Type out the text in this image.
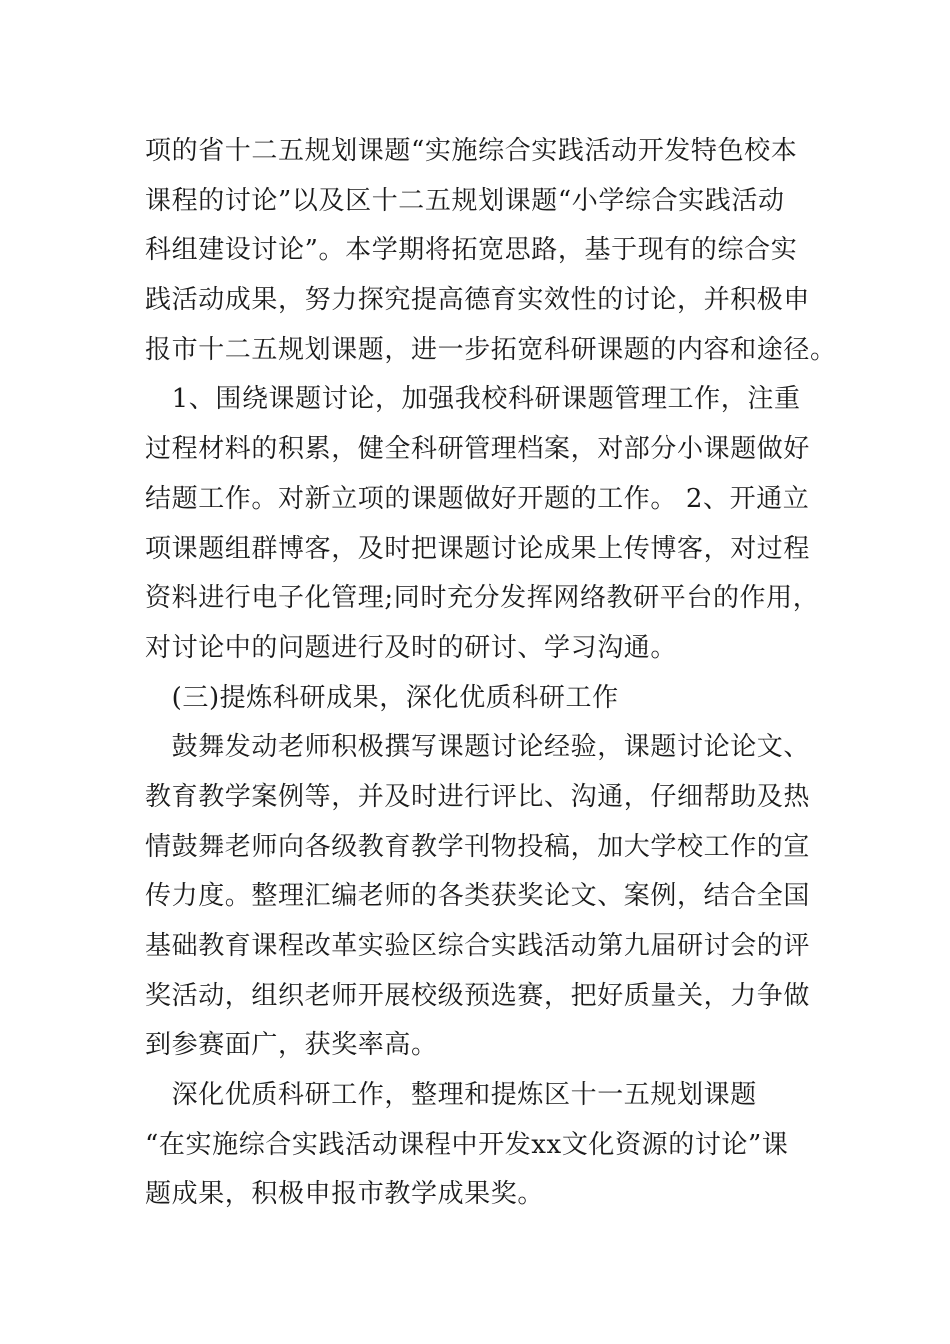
项的省十二五规划课题“实施综合实践活动开发特色校本
课程的讨论”以及区十二五规划课题“小学综合实践活动
科组建设讨论”。本学期将拓宽思路，基于现有的综合实
践活动成果，努力探究提高德育实效性的讨论，并积极申
报市十二五规划课题，进一步拓宽科研课题的内容和途径。
　1、围绕课题讨论，加强我校科研课题管理工作，注重
过程材料的积累，健全科研管理档案，对部分小课题做好
结题工作。对新立项的课题做好开题的工作。 2、开通立
项课题组群博客，及时把课题讨论成果上传博客，对过程
资料进行电子化管理;同时充分发挥网络教研平台的作用，
对讨论中的问题进行及时的研讨、学习沟通。
　(三)提炼科研成果，深化优质科研工作
　鼓舞发动老师积极撰写课题讨论经验，课题讨论论文、
教育教学案例等，并及时进行评比、沟通，仔细帮助及热
情鼓舞老师向各级教育教学刊物投稿，加大学校工作的宣
传力度。整理汇编老师的各类获奖论文、案例，结合全国
基础教育课程改革实验区综合实践活动第九届研讨会的评
奖活动，组织老师开展校级预选赛，把好质量关，力争做
到参赛面广，获奖率高。
　深化优质科研工作，整理和提炼区十一五规划课题
“在实施综合实践活动课程中开发xx文化资源的讨论”课
题成果，积极申报市教学成果奖。
